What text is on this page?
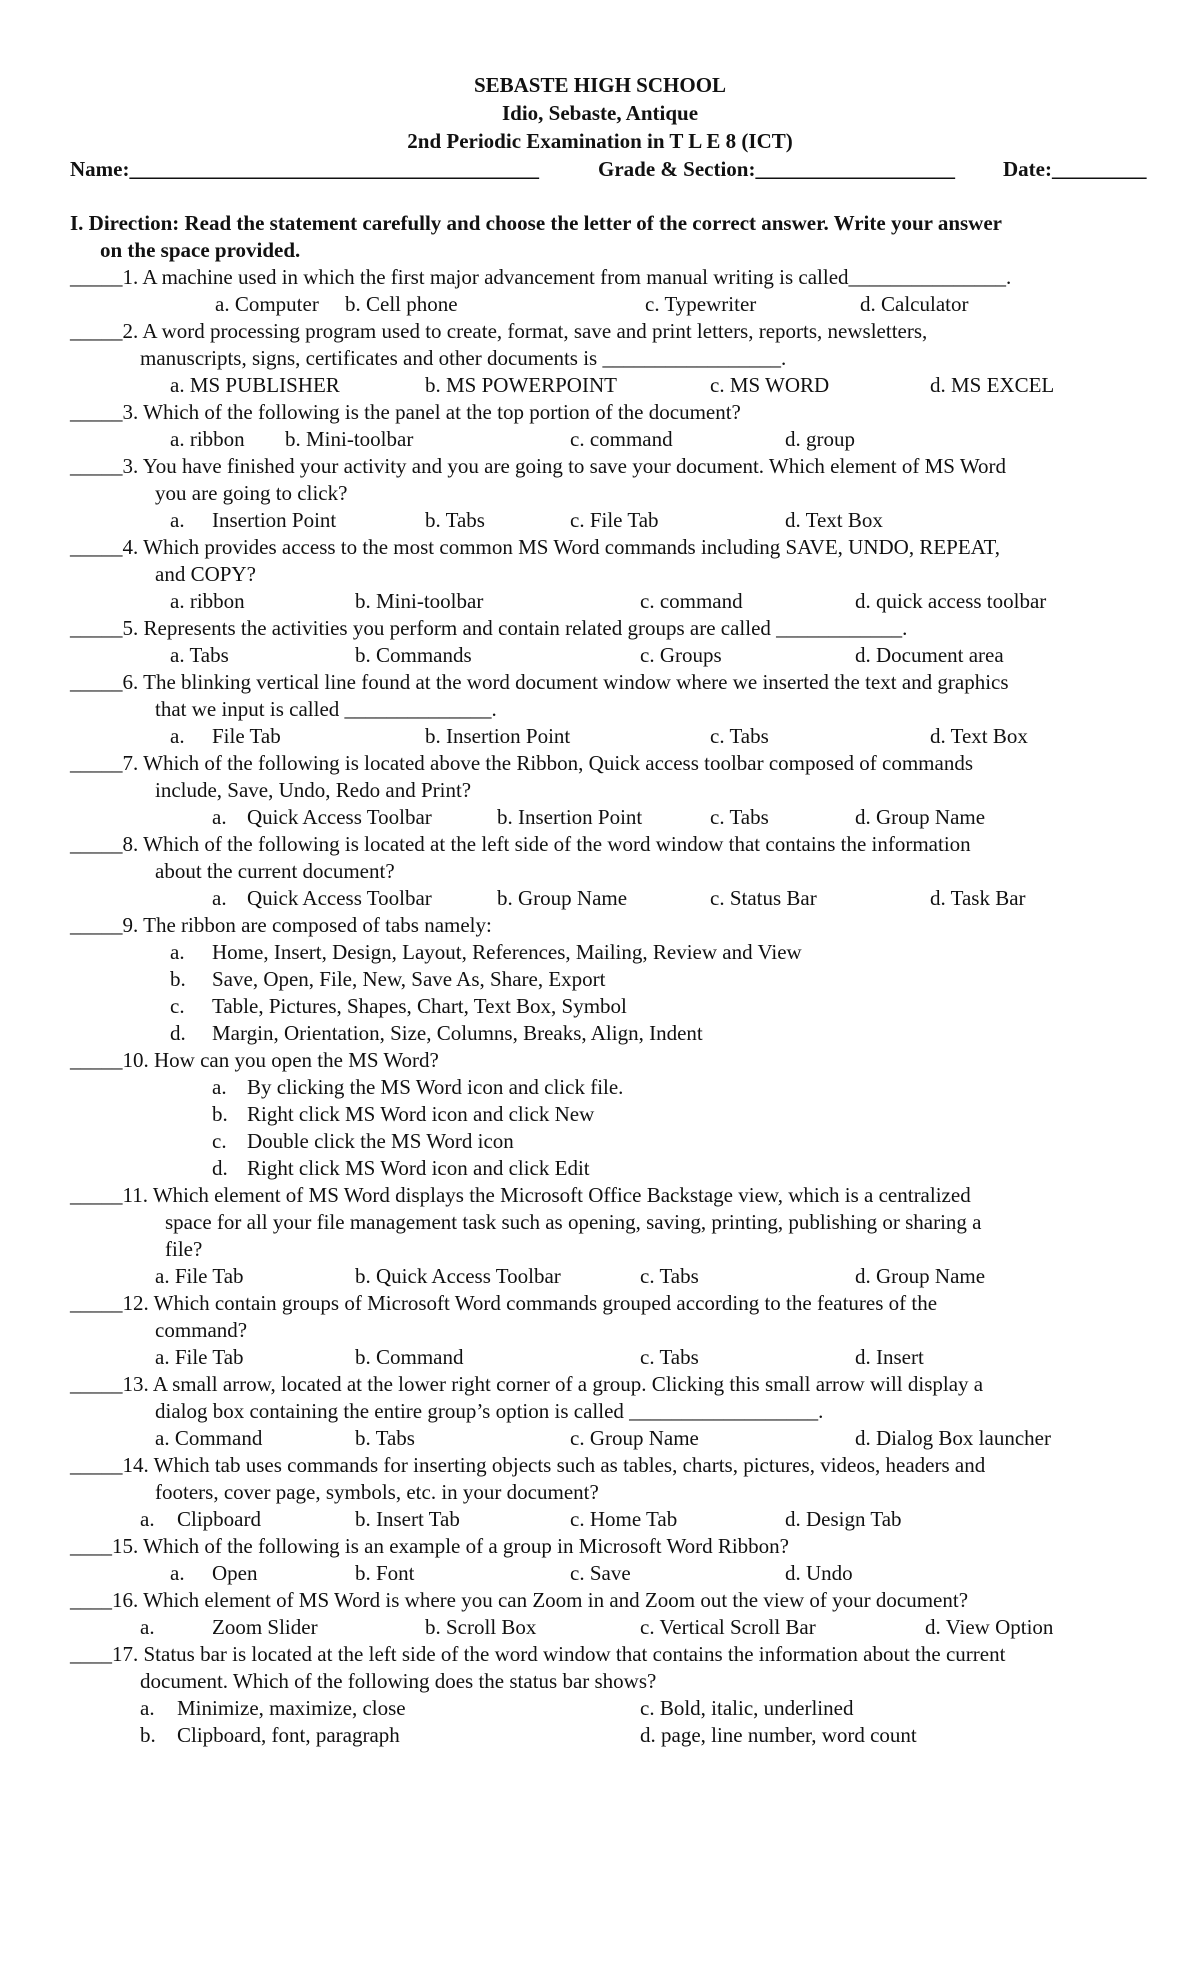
SEBASTE HIGH SCHOOL
Idio, Sebaste, Antique
2nd Periodic Examination in T L E 8 (ICT)
Name:_______________________________________	Grade & Section:___________________ Date:_________
I. Direction: Read the statement carefully and choose the letter of the correct answer. Write your answer
on the space provided.
_____1. A machine used in which the first major advancement from manual writing is called_______________.
a. Computer b. Cell phone	c. Typewriter	d. Calculator
_____2. A word processing program used to create, format, save and print letters, reports, newsletters,
manuscripts, signs, certificates and other documents is _________________.
a. MS PUBLISHER	b. MS POWERPOINT	c. MS WORD	d. MS EXCEL
_____3. Which of the following is the panel at the top portion of the document?
a. ribbon b. Mini-toolbar	c. command	d. group
_____3. You have finished your activity and you are going to save your document. Which element of MS Word
you are going to click?
a. Insertion Point	b. Tabs	c. File Tab	d. Text Box
_____4. Which provides access to the most common MS Word commands including SAVE, UNDO, REPEAT,
and COPY?
a. ribbon	b. Mini-toolbar	c. command	d. quick access toolbar
_____5. Represents the activities you perform and contain related groups are called ____________.
a. Tabs	b. Commands	c. Groups	d. Document area
_____6. The blinking vertical line found at the word document window where we inserted the text and graphics
that we input is called ______________.
a. File Tab	b. Insertion Point	c. Tabs	d. Text Box
_____7. Which of the following is located above the Ribbon, Quick access toolbar composed of commands
include, Save, Undo, Redo and Print?
a. Quick Access Toolbar	b. Insertion Point	c. Tabs	d. Group Name
_____8. Which of the following is located at the left side of the word window that contains the information
about the current document?
a. Quick Access Toolbar	b. Group Name	c. Status Bar	d. Task Bar
_____9. The ribbon are composed of tabs namely:
a. Home, Insert, Design, Layout, References, Mailing, Review and View
b. Save, Open, File, New, Save As, Share, Export
c. Table, Pictures, Shapes, Chart, Text Box, Symbol
d. Margin, Orientation, Size, Columns, Breaks, Align, Indent
_____10. How can you open the MS Word?
a. By clicking the MS Word icon and click file.
b. Right click MS Word icon and click New
c. Double click the MS Word icon
d. Right click MS Word icon and click Edit
_____11. Which element of MS Word displays the Microsoft Office Backstage view, which is a centralized
space for all your file management task such as opening, saving, printing, publishing or sharing a
file?
a. File Tab	b. Quick Access Toolbar	c. Tabs	d. Group Name
_____12. Which contain groups of Microsoft Word commands grouped according to the features of the
command?
a. File Tab	b. Command	c. Tabs	d. Insert
_____13. A small arrow, located at the lower right corner of a group. Clicking this small arrow will display a
dialog box containing the entire group’s option is called __________________.
a. Command	b. Tabs	c. Group Name	d. Dialog Box launcher
_____14. Which tab uses commands for inserting objects such as tables, charts, pictures, videos, headers and
footers, cover page, symbols, etc. in your document?
a. Clipboard	b. Insert Tab	c. Home Tab	d. Design Tab
____15. Which of the following is an example of a group in Microsoft Word Ribbon?
a. Open	b. Font	c. Save	d. Undo
____16. Which element of MS Word is where you can Zoom in and Zoom out the view of your document?
a.	Zoom Slider	b. Scroll Box	c. Vertical Scroll Bar	d. View Option
____17. Status bar is located at the left side of the word window that contains the information about the current
document. Which of the following does the status bar shows?
a. Minimize, maximize, close	c. Bold, italic, underlined
b. Clipboard, font, paragraph	d. page, line number, word count
